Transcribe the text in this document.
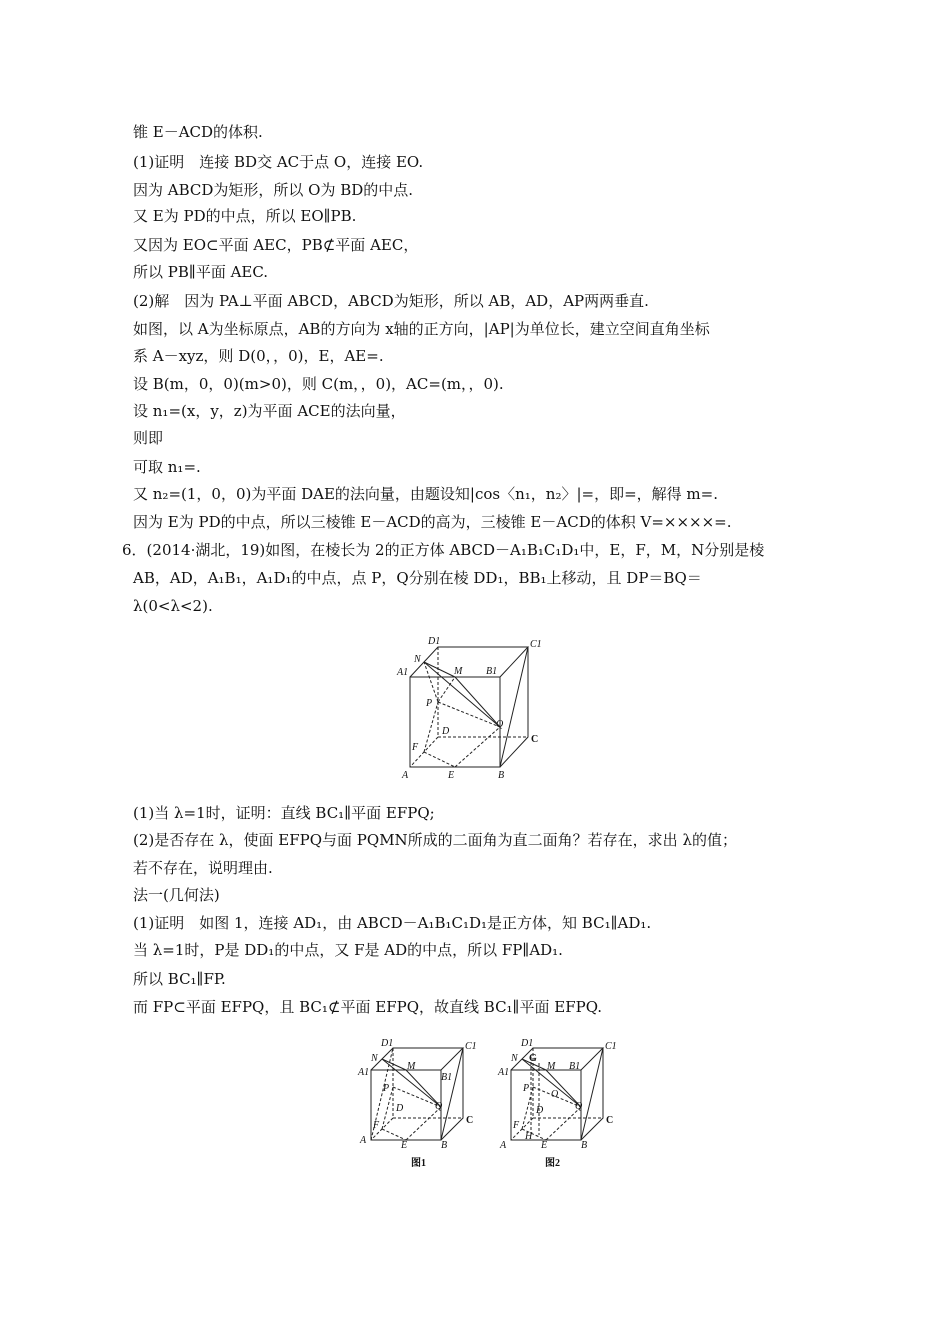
锥 E－ACD的体积.
(1)证明　连接 BD交 AC于点 O，连接 EO.
因为 ABCD为矩形，所以 O为 BD的中点.
又 E为 PD的中点，所以 EO∥PB.
又因为 EO⊂平面 AEC，PB⊄平面 AEC，
所以 PB∥平面 AEC.
(2)解　因为 PA⊥平面 ABCD，ABCD为矩形，所以 AB，AD，AP两两垂直.
如图，以 A为坐标原点，AB的方向为 x轴的正方向，|AP|为单位长，建立空间直角坐标
系 A－xyz，则 D(0，，0)，E，AE=.
设 B(m，0，0)(m>0)，则 C(m，，0)，AC=(m，，0).
设 n₁=(x，y，z)为平面 ACE的法向量，
则即
可取 n₁=.
又 n₂=(1，0，0)为平面 DAE的法向量，由题设知|cos〈n₁，n₂〉|=，即=，解得 m=.
因为 E为 PD的中点，所以三棱锥 E－ACD的高为，三棱锥 E－ACD的体积 V=××××=.
6．(2014·湖北，19)如图，在棱长为 2的正方体 ABCD－A₁B₁C₁D₁中，E，F，M，N分别是棱
AB，AD，A₁B₁，A₁D₁的中点，点 P，Q分别在棱 DD₁，BB₁上移动，且 DP＝BQ＝
λ(0<λ<2).
D1	C1
A1
N
M B1
P
D
Q
C
F
A	E	B
(1)当 λ=1时，证明：直线 BC₁∥平面 EFPQ;
(2)是否存在 λ，使面 EFPQ与面 PQMN所成的二面角为直二面角？若存在，求出 λ的值；
若不存在，说明理由.
法一(几何法)
(1)证明　如图 1，连接 AD₁，由 ABCD－A₁B₁C₁D₁是正方体，知 BC₁∥AD₁.
当 λ=1时，P是 DD₁的中点，又 F是 AD的中点，所以 FP∥AD₁.
所以 BC₁∥FP.
而 FP⊂平面 EFPQ，且 BC₁⊄平面 EFPQ，故直线 BC₁∥平面 EFPQ.
D1	C1
N
A1
M
B1
P
D	Q
C
F
A	E	B
图1
D1
N G
M
C1
B1
A1
O
P
D	Q
C
F
H
E	B
A
图2
